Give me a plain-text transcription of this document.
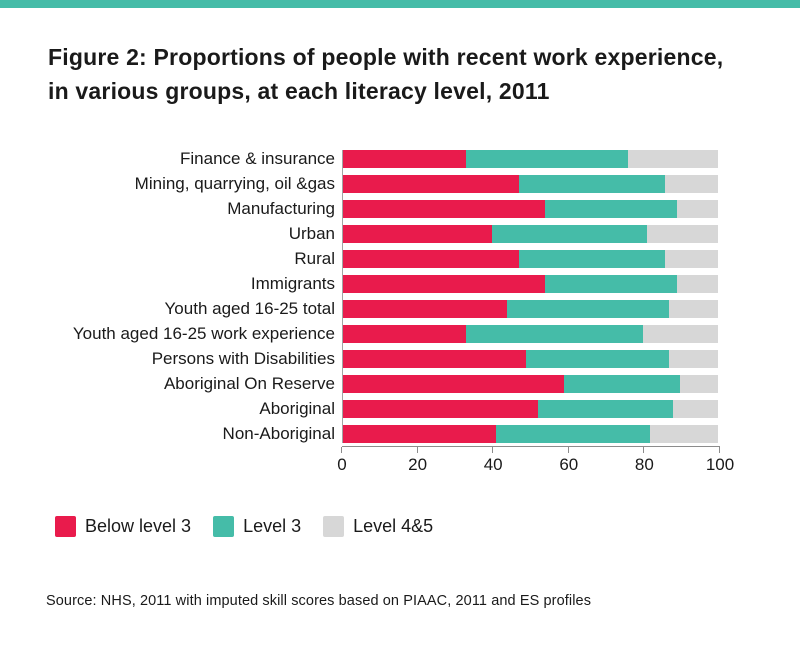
Figure 2: Proportions of people with recent work experience, in various groups, at each literacy level, 2011
Finance & insurance
Mining, quarrying, oil &gas
Manufacturing
Urban
Rural
Immigrants
Youth aged 16-25 total
Youth aged 16-25 work experience
Persons with Disabilities
Aboriginal On Reserve
Aboriginal
Non-Aboriginal
0	20	40	60	80	100
Below level 3	Level 3	Level 4&5
Source: NHS, 2011 with imputed skill scores based on PIAAC, 2011 and ES profiles
